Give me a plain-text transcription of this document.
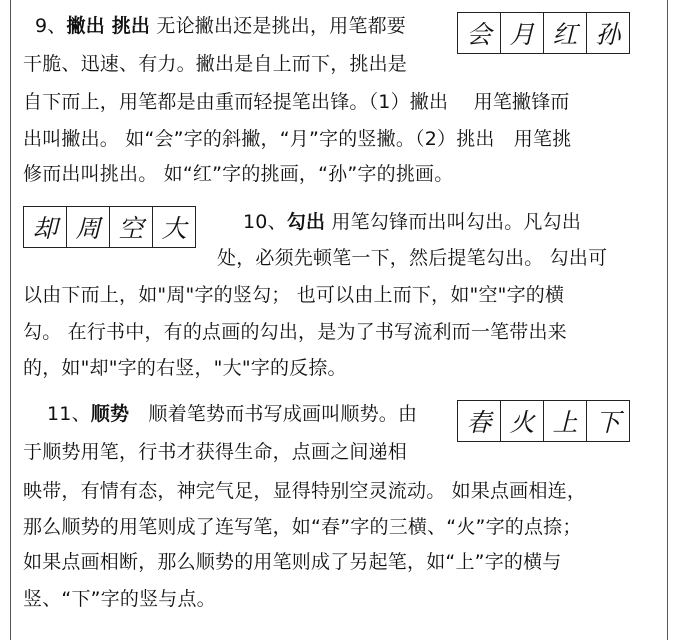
9、撇出 挑出 无论撇出还是挑出，用笔都要
干脆、迅速、有力。撇出是自上而下，挑出是
自下而上，用笔都是由重而轻提笔出锋。（1）撇出　 用笔撇锋而
出叫撇出。 如“会”字的斜撇，“月”字的竖撇。（2）挑出　用笔挑
修而出叫挑出。 如“红”字的挑画，“孙”字的挑画。
会 月 红 孙
却 周 空 大	10、勾出 用笔勾锋而出叫勾出。凡勾出
处，必须先顿笔一下，然后提笔勾出。 勾出可
以由下而上，如"周"字的竖勾； 也可以由上而下，如"空"字的横
勾。 在行书中，有的点画的勾出，是为了书写流利而一笔带出来
的，如"却"字的右竖，"大"字的反捺。
11、顺势　顺着笔势而书写成画叫顺势。由
于顺势用笔，行书才获得生命，点画之间递相
映带，有情有态，神完气足，显得特别空灵流动。 如果点画相连，
那么顺势的用笔则成了连写笔，如“春”字的三横、“火”字的点捺；
如果点画相断，那么顺势的用笔则成了另起笔，如“上”字的横与
竖、“下”字的竖与点。
春 火 上 下
